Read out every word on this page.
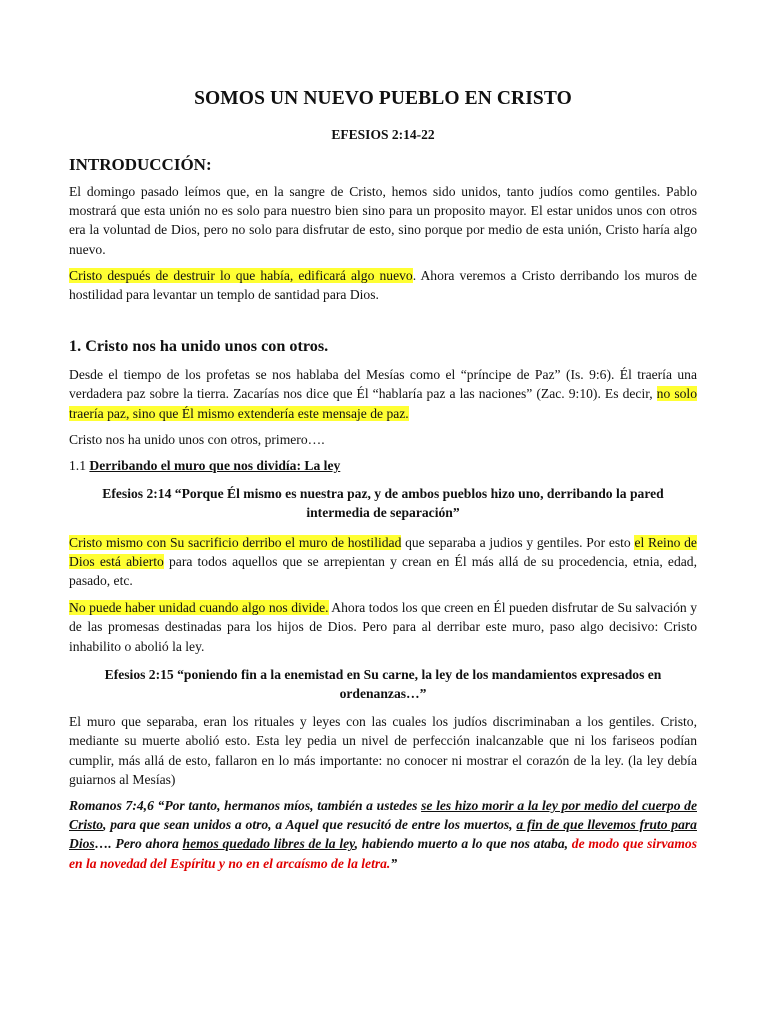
SOMOS UN NUEVO PUEBLO EN CRISTO
EFESIOS 2:14-22
INTRODUCCIÓN:

El domingo pasado leímos que, en la sangre de Cristo, hemos sido unidos, tanto judíos como gentiles. Pablo mostrará que esta unión no es solo para nuestro bien sino para un proposito mayor. El estar unidos unos con otros era la voluntad de Dios, pero no solo para disfrutar de esto, sino porque por medio de esta unión, Cristo haría algo nuevo.

Cristo después de destruir lo que había, edificará algo nuevo. Ahora veremos a Cristo derribando los muros de hostilidad para levantar un templo de santidad para Dios.

1. Cristo nos ha unido unos con otros.

Desde el tiempo de los profetas se nos hablaba del Mesías como el “príncipe de Paz” (Is. 9:6). Él traería una verdadera paz sobre la tierra. Zacarías nos dice que Él “hablaría paz a las naciones” (Zac. 9:10). Es decir, no solo traería paz, sino que Él mismo extendería este mensaje de paz.

Cristo nos ha unido unos con otros, primero….

1.1 Derribando el muro que nos dividía: La ley

Efesios 2:14 “Porque Él mismo es nuestra paz, y de ambos pueblos hizo uno, derribando la pared intermedia de separación”

Cristo mismo con Su sacrificio derribo el muro de hostilidad que separaba a judios y gentiles. Por esto el Reino de Dios está abierto para todos aquellos que se arrepientan y crean en Él más allá de su procedencia, etnia, edad, pasado, etc.

No puede haber unidad cuando algo nos divide. Ahora todos los que creen en Él pueden disfrutar de Su salvación y de las promesas destinadas para los hijos de Dios. Pero para al derribar este muro, paso algo decisivo: Cristo inhabilito o abolió la ley.

Efesios 2:15 “poniendo fin a la enemistad en Su carne, la ley de los mandamientos expresados en ordenanzas…”

El muro que separaba, eran los rituales y leyes con las cuales los judíos discriminaban a los gentiles. Cristo, mediante su muerte abolió esto. Esta ley pedia un nivel de perfección inalcanzable que ni los fariseos podían cumplir, más allá de esto, fallaron en lo más importante: no conocer ni mostrar el corazón de la ley. (la ley debía guiarnos al Mesías)

Romanos 7:4,6 “Por tanto, hermanos míos, también a ustedes se les hizo morir a la ley por medio del cuerpo de Cristo, para que sean unidos a otro, a Aquel que resucitó de entre los muertos, a fin de que llevemos fruto para Dios…. Pero ahora hemos quedado libres de la ley, habiendo muerto a lo que nos ataba, de modo que sirvamos en la novedad del Espíritu y no en el arcaísmo de la letra.”
